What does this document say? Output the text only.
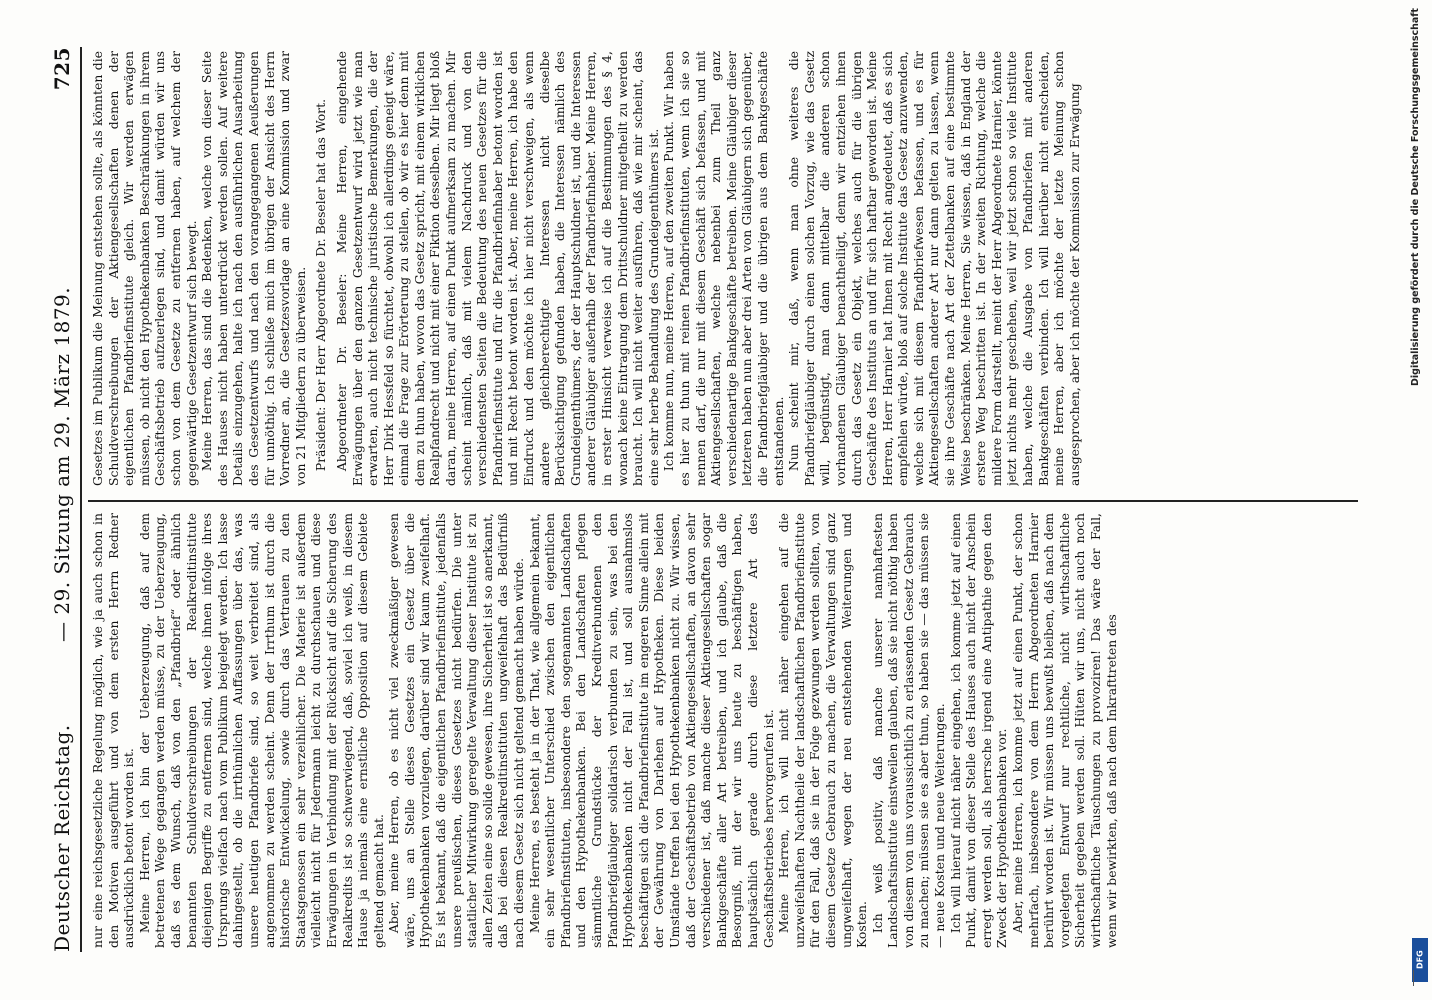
Deutscher Reichstag.
— 29. Sitzung am 29. März 1879.
725

nur eine reichsgesetzliche Regelung möglich, wie ja auch schon in den Motiven ausgeführt und von dem ersten Herrn Redner ausdrücklich betont worden ist. Meine Herren, ich bin der Ueberzeugung, daß auf dem betretenen Wege gegangen werden müsse, zu der Ueberzeugung, daß es dem Wunsch, daß von den „Pfandbrief“ oder ähnlich benannten Schuldverschreibungen der Realkreditinstitute diejenigen Begriffe zu entfernen sind, welche ihnen infolge ihres Ursprungs vielfach nach vom Publikum beigelegt werden. Ich lasse dahingestellt, ob die irrthümlichen Auffassungen über das, was unsere heutigen Pfandbriefe sind, so weit verbreitet sind, als angenommen zu werden scheint. Denn der Irrthum ist durch die historische Entwickelung, sowie durch das Vertrauen zu den Staatsgenossen ein sehr verzeihlicher. Die Materie ist außerdem vielleicht nicht für Jedermann leicht zu durchschauen und diese Erwägungen in Verbindung mit der Rücksicht auf die Sicherung des Realkredits ist so schwerwiegend, daß, soviel ich weiß, in diesem Hause ja niemals eine ernstliche Opposition auf diesem Gebiete geltend gemacht hat. Aber, meine Herren, ob es nicht viel zweckmäßiger gewesen wäre, uns an Stelle dieses Gesetzes ein Gesetz über die Hypothekenbanken vorzulegen, darüber sind wir kaum zweifelhaft. Es ist bekannt, daß die eigentlichen Pfandbriefinstitute, jedenfalls unsere preußischen, dieses Gesetzes nicht bedürfen. Die unter staatlicher Mitwirkung geregelte Verwaltung dieser Institute ist zu allen Zeiten eine so solide gewesen, ihre Sicherheit ist so anerkannt, daß bei diesen Realkreditinstituten ungweifelhaft das Bedürfniß nach diesem Gesetz sich nicht geltend gemacht haben würde. Meine Herren, es besteht ja in der That, wie allgemein bekannt, ein sehr wesentlicher Unterschied zwischen den eigentlichen Pfandbriefinstituten, insbesondere den sogenannten Landschaften und den Hypothekenbanken. Bei den Landschaften pflegen sämmtliche Grundstücke der Kreditverbundenen den Pfandbriefgläubiger solidarisch verbunden zu sein, was bei den Hypothekenbanken nicht der Fall ist, und soll ausnahmslos beschäftigen sich die Pfandbriefinstitute im engeren Sinne allein mit der Gewährung von Darlehen auf Hypotheken. Diese beiden Umstände treffen bei den Hypothekenbanken nicht zu. Wir wissen, daß der Geschäftsbetrieb von Aktiengesellschaften, an davon sehr verschiedener ist, daß manche dieser Aktiengesellschaften sogar Bankgeschäfte aller Art betreiben, und ich glaube, daß die Besorgniß, mit der wir uns heute zu beschäftigen haben, hauptsächlich gerade durch diese letztere Art des Geschäftsbetriebes hervorgerufen ist. Meine Herren, ich will nicht näher eingehen auf die unzweifelhaften Nachtheile der landschaftlichen Pfandbriefinstitute für den Fall, daß sie in der Folge gezwungen werden sollten, von diesem Gesetze Gebrauch zu machen, die Verwaltungen sind ganz ungweifelhaft, wegen der neu entstehenden Weiterungen und Kosten. Ich weiß positiv, daß manche unserer namhaftesten Landschaftsinstitute einstweilen glauben, daß sie nicht nöthig haben von diesem von uns voraussichtlich zu erlassenden Gesetz Gebrauch zu machen; müssen sie es aber thun, so haben sie — das müssen sie — neue Kosten und neue Weiterungen. Ich will hierauf nicht näher eingehen, ich komme jetzt auf einen Punkt, damit von dieser Stelle des Hauses auch nicht der Anschein erregt werden soll, als herrsche irgend eine Antipathie gegen den Zweck der Hypothekenbanken vor. Aber, meine Herren, ich komme jetzt auf einen Punkt, der schon mehrfach, insbesondere von dem Herrn Abgeordneten Harnier berührt worden ist. Wir müssen uns bewußt bleiben, daß nach dem vorgelegten Entwurf nur rechtliche, nicht wirthschaftliche Sicherheit gegeben werden soll. Hüten wir uns, nicht auch noch wirthschaftliche Täuschungen zu provoziren! Das wäre der Fall, wenn wir bewirkten, daß nach dem Inkrafttreten des

Gesetzes im Publikum die Meinung entstehen sollte, als könnten die Schuldverschreibungen der Aktiengesellschaften denen der eigentlichen Pfandbriefinstitute gleich. Wir werden erwägen müssen, ob nicht den Hypothekenbanken Beschränkungen in ihrem Geschäftsbetrieb aufzuerlegen sind, und damit würden wir uns schon von dem Gesetze zu entfernen haben, auf welchem der gegenwärtige Gesetzentwurf sich bewegt. Meine Herren, das sind die Bedenken, welche von dieser Seite des Hauses nicht haben unterdrückt werden sollen. Auf weitere Details einzugehen, halte ich nach den ausführlichen Ausarbeitung des Gesetzentwurfs und nach den vorangegangenen Aeußerungen für unnöthig. Ich schließe mich im übrigen der Ansicht des Herrn Vorredner an, die Gesetzesvorlage an eine Kommission und zwar von 21 Mitgliedern zu überweisen. Präsident: Der Herr Abgeordnete Dr. Beseler hat das Wort. Abgeordneter Dr. Beseler: Meine Herren, eingehende Erwägungen über den ganzen Gesetzentwurf wird jetzt wie man erwarten, auch nicht technische juristische Bemerkungen, die der Herr Dirk Hessfeld so fürchtet, obwohl ich allerdings geneigt wäre, einmal die Frage zur Erörterung zu stellen, ob wir es hier denn mit dem zu thun haben, wovon das Gesetz spricht, mit einem wirklichen Realpfandrecht und nicht mit einer Fiktion desselben. Mir liegt bloß daran, meine Herren, auf einen Punkt aufmerksam zu machen. Mir scheint nämlich, daß mit vielem Nachdruck und von den verschiedensten Seiten die Bedeutung des neuen Gesetzes für die Pfandbriefinstitute und für die Pfandbriefinhaber betont worden ist und mit Recht betont worden ist. Aber, meine Herren, ich habe den Eindruck und den möchte ich hier nicht verschweigen, als wenn andere gleichberechtigte Interessen nicht dieselbe Berücksichtigung gefunden haben, die Interessen nämlich des Grundeigenthümers, der der Hauptschuldner ist, und die Interessen anderer Gläubiger außerhalb der Pfandbriefinhaber. Meine Herren, in erster Hinsicht verweise ich auf die Bestimmungen des § 4, wonach keine Eintragung dem Drittschuldner mitgetheilt zu werden braucht. Ich will nicht weiter ausführen, daß wie mir scheint, das eine sehr herbe Behandlung des Grundeigenthümers ist. Ich komme nun, meine Herren, auf den zweiten Punkt. Wir haben es hier zu thun mit reinen Pfandbriefinstituten, wenn ich sie so nennen darf, die nur mit diesem Geschäft sich befassen, und mit Aktiengesellschaften, welche nebenbei zum Theil ganz verschiedenartige Bankgeschäfte betreiben. Meine Gläubiger dieser letzteren haben nun aber drei Arten von Gläubigern sich gegenüber, die Pfandbriefgläubiger und die übrigen aus dem Bankgeschäfte entstandenen. Nun scheint mir, daß, wenn man ohne weiteres die Pfandbriefgläubiger durch einen solchen Vorzug, wie das Gesetz will, begünstigt, man dann mittelbar die anderen schon vorhandenen Gläubiger benachtheiligt, denn wir entziehen ihnen durch das Gesetz ein Objekt, welches auch für die übrigen Geschäfte des Instituts an und für sich haftbar geworden ist. Meine Herren, Herr Harnier hat Ihnen mit Recht angedeutet, daß es sich empfehlen würde, bloß auf solche Institute das Gesetz anzuwenden, welche sich mit diesem Pfandbriefwesen befassen, und es für Aktiengesellschaften anderer Art nur dann gelten zu lassen, wenn sie ihre Geschäfte nach Art der Zettelbanken auf eine bestimmte Weise beschränken. Meine Herren, Sie wissen, daß in England der erstere Weg beschritten ist. In der zweiten Richtung, welche die mildere Form darstellt, meint der Herr Abgeordnete Harnier, könnte jetzt nichts mehr geschehen, weil wir jetzt schon so viele Institute haben, welche die Ausgabe von Pfandbriefen mit anderen Bankgeschäften verbinden. Ich will hierüber nicht entscheiden, meine Herren, aber ich möchte der letzte Meinung schon ausgesprochen, aber ich möchte der Kommission zur Erwägung	Digitalisierung gefördert durch die Deutsche Forschungsgemeinschaft
DFG
